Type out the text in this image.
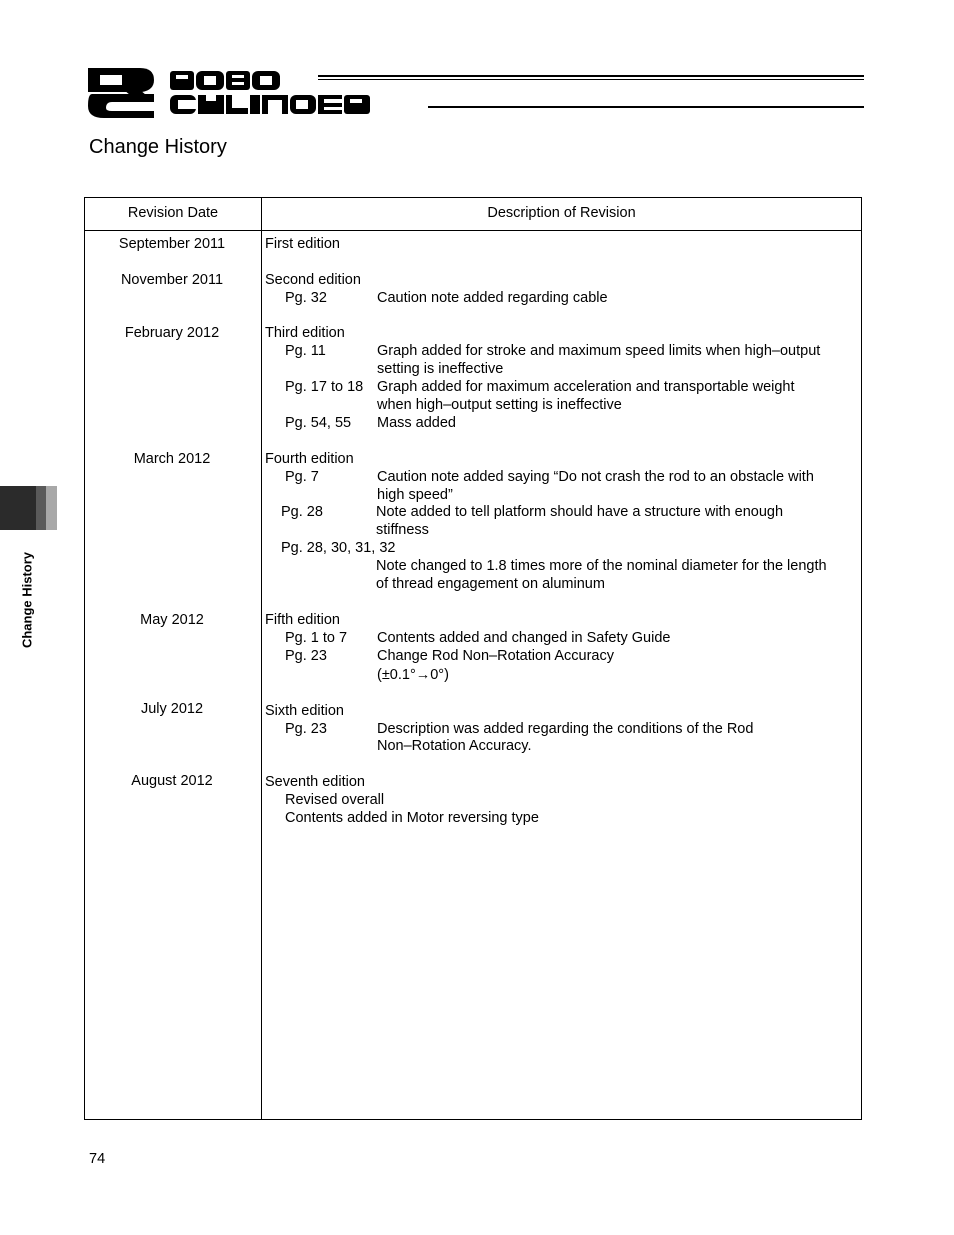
Change History
Change History
Revision Date	Description of Revision
September 2011	First edition
November 2011	Second edition
Pg. 32	Caution note added regarding cable
February 2012	Third edition
Pg. 11	Graph added for stroke and maximum speed limits when high–output
setting is ineffective
Pg. 17 to 18 Graph added for maximum acceleration and transportable weight
when high–output setting is ineffective
Pg. 54, 55 Mass added
March 2012	Fourth edition
Pg. 7	Caution note added saying “Do not crash the rod to an obstacle with
high speed”
Pg. 28	Note added to tell platform should have a structure with enough
stiffness
Pg. 28, 30, 31, 32
Note changed to 1.8 times more of the nominal diameter for the length
of thread engagement on aluminum
May 2012	Fifth edition
Pg. 1 to 7 Contents added and changed in Safety Guide
Pg. 23	Change Rod Non–Rotation Accuracy
(±0.1°→0°)
July 2012	Sixth edition
Pg. 23	Description was added regarding the conditions of the Rod
Non–Rotation Accuracy.
August 2012	Seventh edition
Revised overall
Contents added in Motor reversing type
74
